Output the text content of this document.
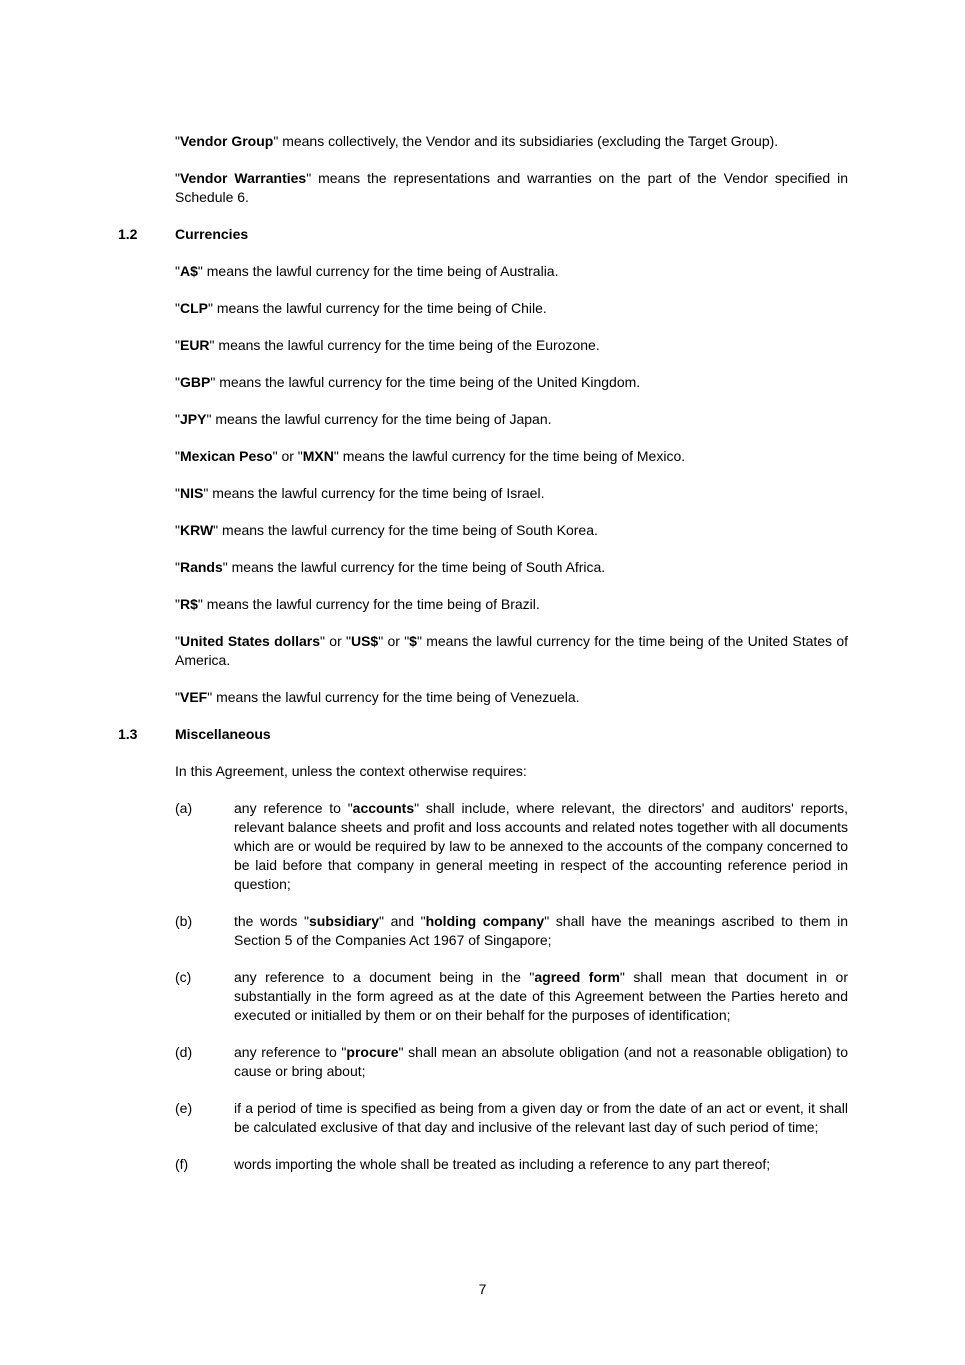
"Vendor Group" means collectively, the Vendor and its subsidiaries (excluding the Target Group).

"Vendor Warranties" means the representations and warranties on the part of the Vendor specified in Schedule 6.

1.2	Currencies

"A$" means the lawful currency for the time being of Australia.

"CLP" means the lawful currency for the time being of Chile.

"EUR" means the lawful currency for the time being of the Eurozone.

"GBP" means the lawful currency for the time being of the United Kingdom.

"JPY" means the lawful currency for the time being of Japan.

"Mexican Peso" or "MXN" means the lawful currency for the time being of Mexico.

"NIS" means the lawful currency for the time being of Israel.

"KRW" means the lawful currency for the time being of South Korea.

"Rands" means the lawful currency for the time being of South Africa.

"R$" means the lawful currency for the time being of Brazil.

"United States dollars" or "US$" or "$" means the lawful currency for the time being of the United States of America.

"VEF" means the lawful currency for the time being of Venezuela.

1.3	Miscellaneous

In this Agreement, unless the context otherwise requires:

(a)	any reference to "accounts" shall include, where relevant, the directors' and auditors' reports, relevant balance sheets and profit and loss accounts and related notes together with all documents which are or would be required by law to be annexed to the accounts of the company concerned to be laid before that company in general meeting in respect of the accounting reference period in question;
(b)	the words "subsidiary" and "holding company" shall have the meanings ascribed to them in Section 5 of the Companies Act 1967 of Singapore;
(c)	any reference to a document being in the "agreed form" shall mean that document in or substantially in the form agreed as at the date of this Agreement between the Parties hereto and executed or initialled by them or on their behalf for the purposes of identification;
(d)	any reference to "procure" shall mean an absolute obligation (and not a reasonable obligation) to cause or bring about;
(e)	if a period of time is specified as being from a given day or from the date of an act or event, it shall be calculated exclusive of that day and inclusive of the relevant last day of such period of time;
(f)	words importing the whole shall be treated as including a reference to any part thereof;
7
